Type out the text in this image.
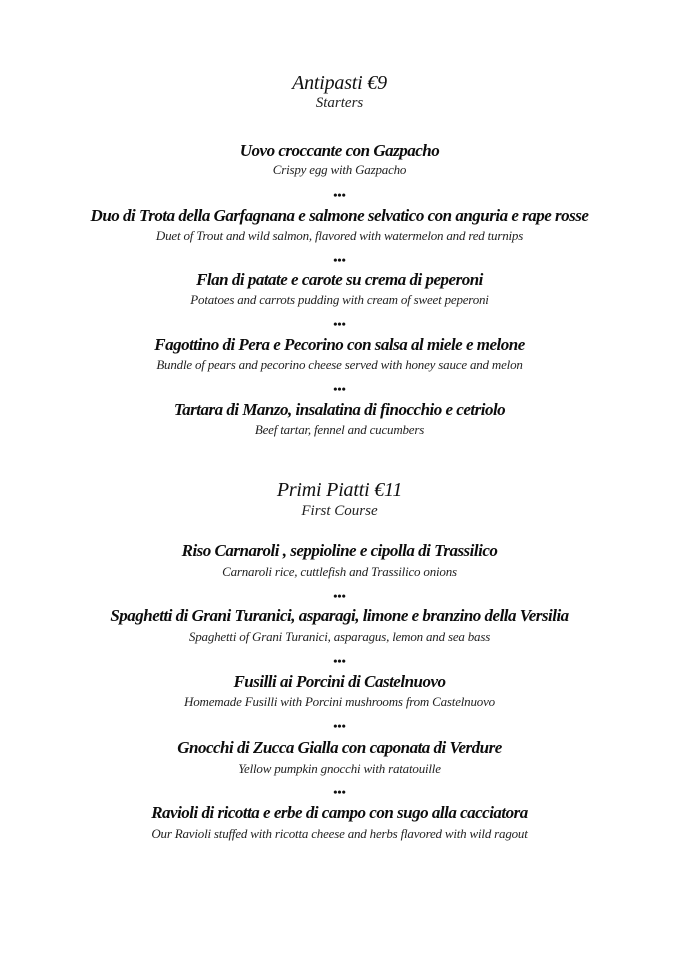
Antipasti €9
Starters
Uovo croccante con Gazpacho
Crispy egg with Gazpacho
•••
Duo di Trota della Garfagnana e salmone selvatico con anguria e rape rosse
Duet of Trout and wild salmon, flavored with watermelon and red turnips
•••
Flan di patate e carote su crema di peperoni
Potatoes and carrots pudding with cream of sweet peperoni
•••
Fagottino di Pera e Pecorino con salsa al miele e melone
Bundle of pears and pecorino cheese served with honey sauce and melon
•••
Tartara di Manzo, insalatina di finocchio e cetriolo
Beef tartar, fennel and cucumbers
Primi Piatti €11
First Course
Riso Carnaroli , seppioline e cipolla di Trassilico
Carnaroli rice, cuttlefish and Trassilico onions
•••
Spaghetti di Grani Turanici, asparagi, limone e branzino della Versilia
Spaghetti of Grani Turanici, asparagus, lemon and sea bass
•••
Fusilli ai Porcini di Castelnuovo
Homemade Fusilli with Porcini mushrooms from Castelnuovo
•••
Gnocchi di Zucca Gialla con caponata di Verdure
Yellow pumpkin gnocchi with ratatouille
•••
Ravioli di ricotta e erbe di campo con sugo alla cacciatora
Our Ravioli stuffed with ricotta cheese and herbs flavored with wild ragout
